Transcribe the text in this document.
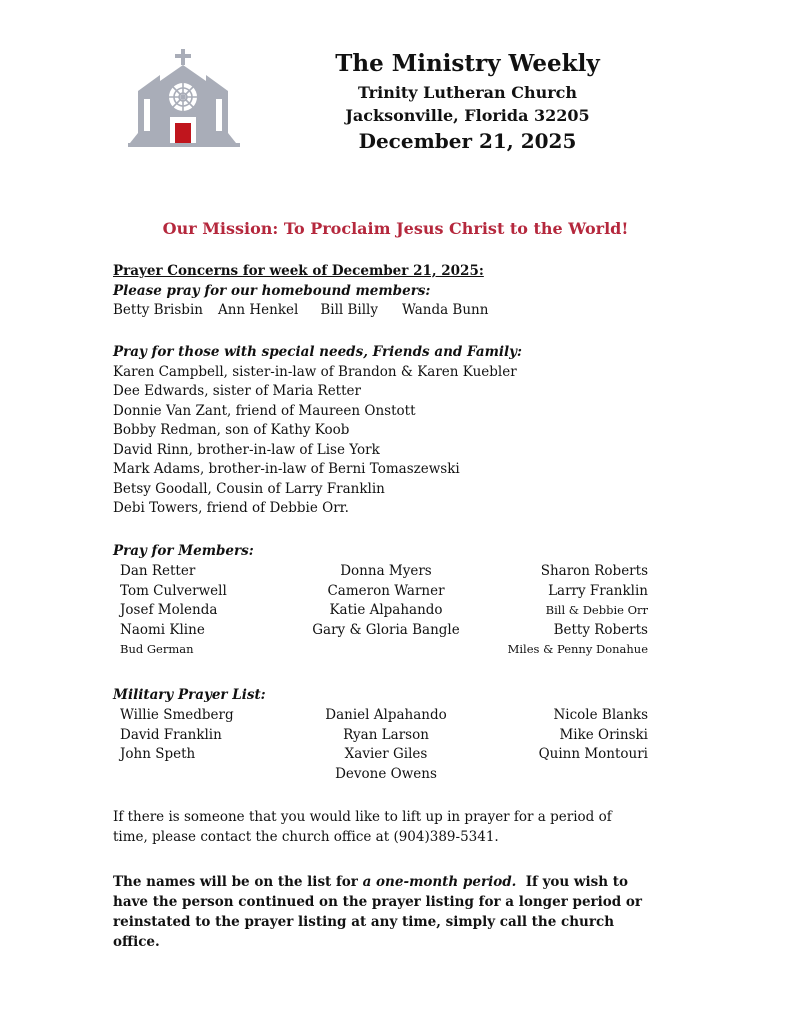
The Ministry Weekly
Trinity Lutheran Church
Jacksonville, Florida 32205
December 21, 2025
Our Mission: To Proclaim Jesus Christ to the World!
Prayer Concerns for week of December 21, 2025:
Please pray for our homebound members:
Betty Brisbin Ann Henkel Bill Billy Wanda Bunn
Pray for those with special needs, Friends and Family:
Karen Campbell, sister-in-law of Brandon & Karen Kuebler
Dee Edwards, sister of Maria Retter
Donnie Van Zant, friend of Maureen Onstott
Bobby Redman, son of Kathy Koob
David Rinn, brother-in-law of Lise York
Mark Adams, brother-in-law of Berni Tomaszewski
Betsy Goodall, Cousin of Larry Franklin
Debi Towers, friend of Debbie Orr.
Pray for Members:
Dan Retter
Tom Culverwell
Josef Molenda
Naomi Kline
Bud German
Donna Myers
Cameron Warner
Katie Alpahando
Gary & Gloria Bangle
Sharon Roberts
Larry Franklin
Bill & Debbie Orr
Betty Roberts
Miles & Penny Donahue
Military Prayer List:
Willie Smedberg
David Franklin
John Speth
Daniel Alpahando
Ryan Larson
Xavier Giles
Devone Owens
Nicole Blanks
Mike Orinski
Quinn Montouri
If there is someone that you would like to lift up in prayer for a period of
time, please contact the church office at (904)389-5341.
The names will be on the list for a one-month period.  If you wish to
have the person continued on the prayer listing for a longer period or
reinstated to the prayer listing at any time, simply call the church
office.
